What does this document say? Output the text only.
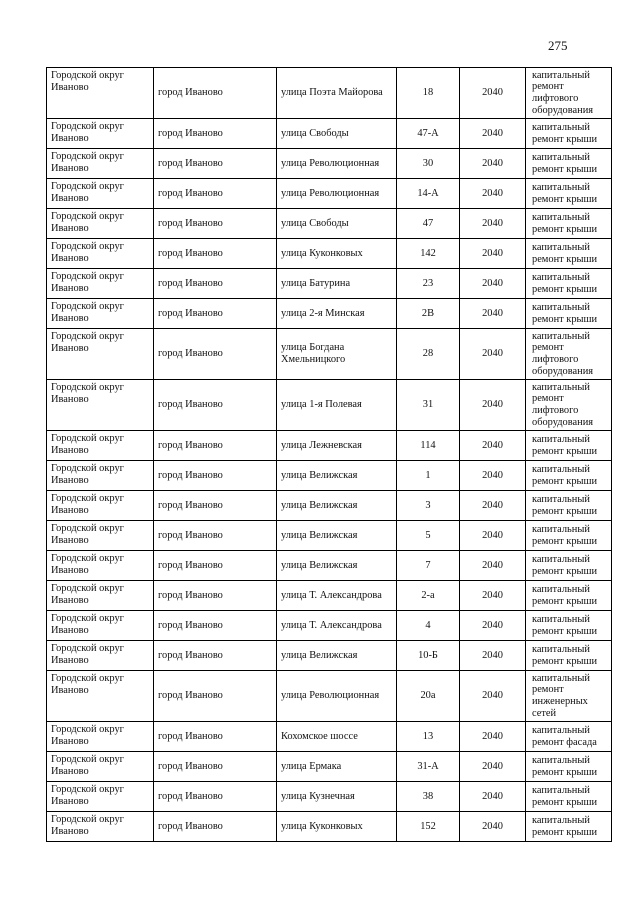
275
Городской округ Иваново	город Иваново	улица Поэта Майорова	18	2040	капитальный ремонт лифтового оборудования
Городской округ Иваново	город Иваново	улица Свободы	47-А	2040	капитальный ремонт крыши
Городской округ Иваново	город Иваново	улица Революционная	30	2040	капитальный ремонт крыши
Городской округ Иваново	город Иваново	улица Революционная	14-А	2040	капитальный ремонт крыши
Городской округ Иваново	город Иваново	улица Свободы	47	2040	капитальный ремонт крыши
Городской округ Иваново	город Иваново	улица Куконковых	142	2040	капитальный ремонт крыши
Городской округ Иваново	город Иваново	улица Батурина	23	2040	капитальный ремонт крыши
Городской округ Иваново	город Иваново	улица 2-я Минская	2В	2040	капитальный ремонт крыши
Городской округ Иваново	город Иваново	улица Богдана Хмельницкого	28	2040	капитальный ремонт лифтового оборудования
Городской округ Иваново	город Иваново	улица 1-я Полевая	31	2040	капитальный ремонт лифтового оборудования
Городской округ Иваново	город Иваново	улица Лежневская	114	2040	капитальный ремонт крыши
Городской округ Иваново	город Иваново	улица Велижская	1	2040	капитальный ремонт крыши
Городской округ Иваново	город Иваново	улица Велижская	3	2040	капитальный ремонт крыши
Городской округ Иваново	город Иваново	улица Велижская	5	2040	капитальный ремонт крыши
Городской округ Иваново	город Иваново	улица Велижская	7	2040	капитальный ремонт крыши
Городской округ Иваново	город Иваново	улица Т. Александрова	2-а	2040	капитальный ремонт крыши
Городской округ Иваново	город Иваново	улица Т. Александрова	4	2040	капитальный ремонт крыши
Городской округ Иваново	город Иваново	улица Велижская	10-Б	2040	капитальный ремонт крыши
Городской округ Иваново	город Иваново	улица Революционная	20а	2040	капитальный ремонт инженерных сетей
Городской округ Иваново	город Иваново	Кохомское шоссе	13	2040	капитальный ремонт фасада
Городской округ Иваново	город Иваново	улица Ермака	31-А	2040	капитальный ремонт крыши
Городской округ Иваново	город Иваново	улица Кузнечная	38	2040	капитальный ремонт крыши
Городской округ Иваново	город Иваново	улица Куконковых	152	2040	капитальный ремонт крыши
